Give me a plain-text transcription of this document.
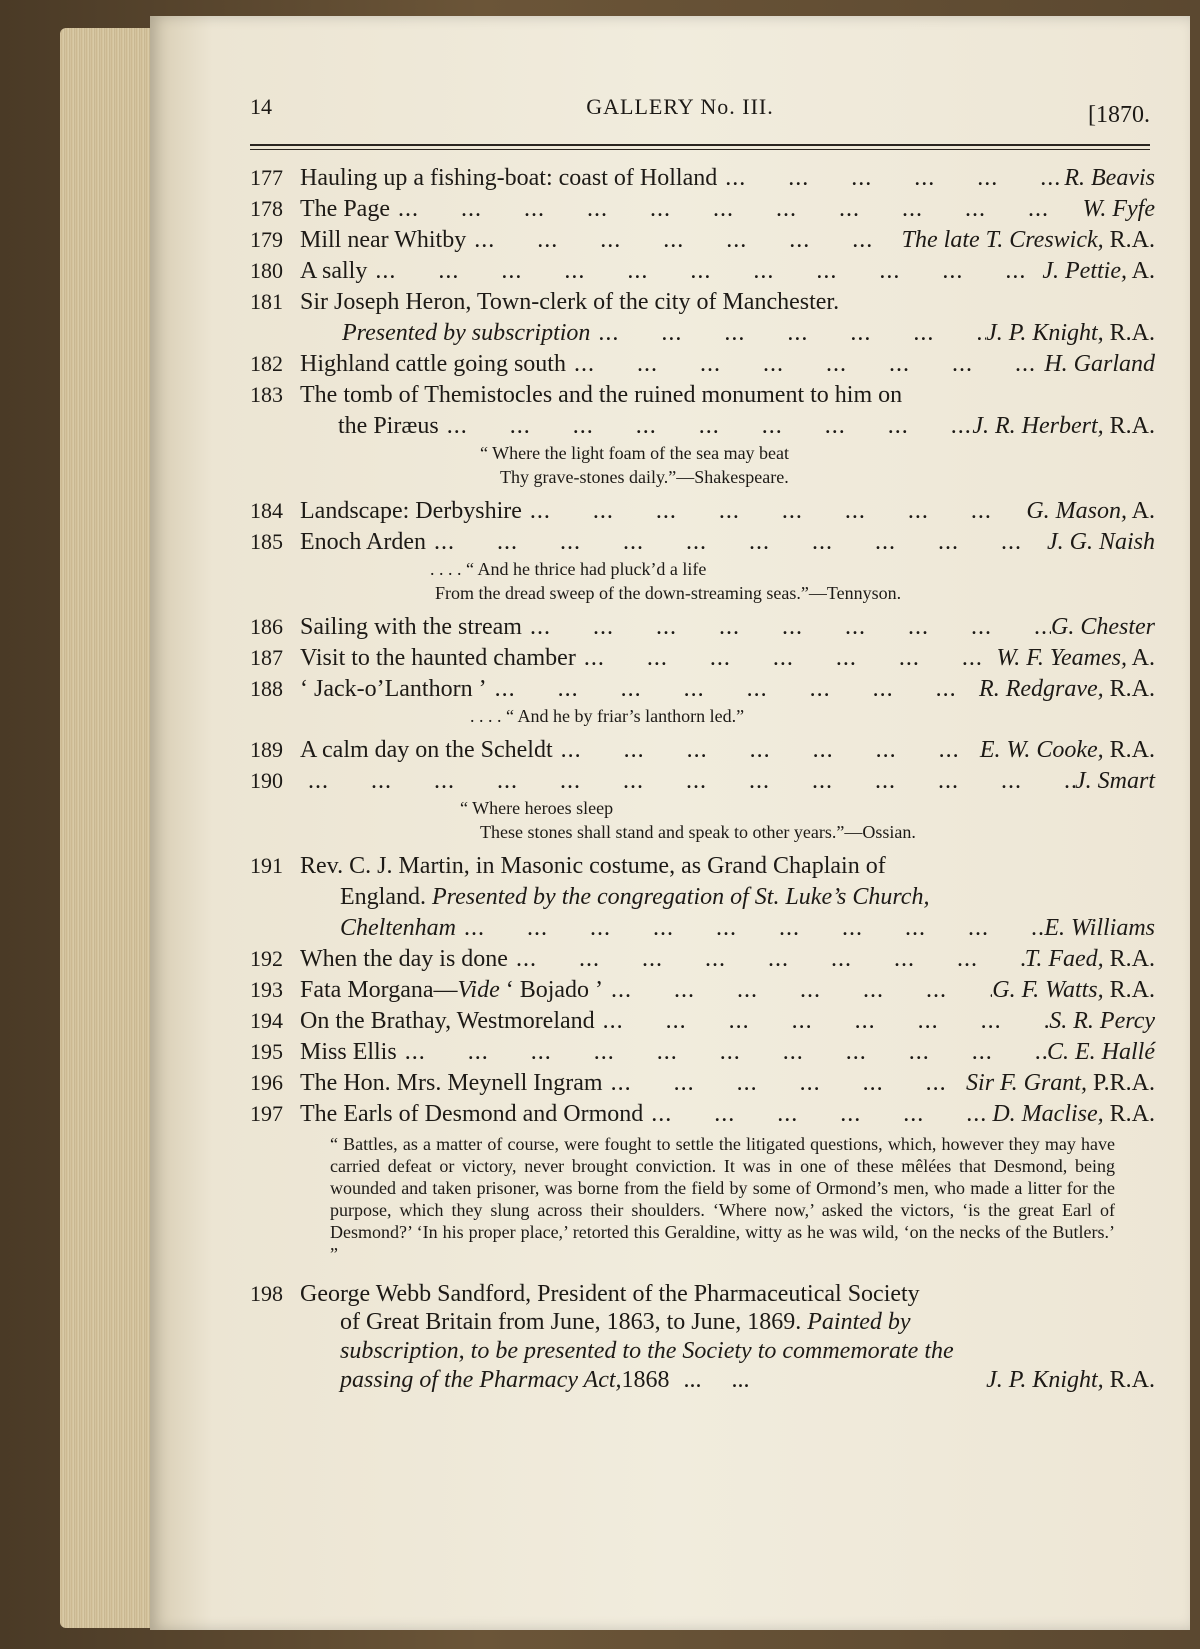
14	GALLERY No. III.	[1870.
177 Hauling up a fishing-boat: coast of Holland ...	R. Beavis
178 The Page ...	W. Fyfe
179 Mill near Whitby ...	The late T. Creswick, R.A.
180 A sally ...	J. Pettie, A.
181 Sir Joseph Heron, Town-clerk of the city of Manchester.
Presented by subscription ...	J. P. Knight, R.A.
182 Highland cattle going south ...	H. Garland
183 The tomb of Themistocles and the ruined monument to him on
the Piræus ...	J. R. Herbert, R.A.
“ Where the light foam of the sea may beat
Thy grave-stones daily.”—Shakespeare.
184 Landscape: Derbyshire ...	G. Mason, A.
185 Enoch Arden ...	J. G. Naish
. . . . “ And he thrice had pluck’d a life
From the dread sweep of the down-streaming seas.”—Tennyson.
186 Sailing with the stream ...	G. Chester
187 Visit to the haunted chamber ...	W. F. Yeames, A.
188 ‘ Jack-o’Lanthorn ’ ...	R. Redgrave, R.A.
. . . . “ And he by friar’s lanthorn led.”
189 A calm day on the Scheldt ...	E. W. Cooke, R.A.
190 ...	J. Smart
“ Where heroes sleep
These stones shall stand and speak to other years.”—Ossian.
191 Rev. C. J. Martin, in Masonic costume, as Grand Chaplain of
England. Presented by the congregation of St. Luke’s Church,
Cheltenham ...	E. Williams
192 When the day is done ...	T. Faed, R.A.
193 Fata Morgana—Vide ‘ Bojado ’ ...	G. F. Watts, R.A.
194 On the Brathay, Westmoreland ...	S. R. Percy
195 Miss Ellis ...	C. E. Hallé
196 The Hon. Mrs. Meynell Ingram ...	Sir F. Grant, P.R.A.
197 The Earls of Desmond and Ormond ...	D. Maclise, R.A.
“ Battles, as a matter of course, were fought to settle the litigated questions, which, however they may have carried defeat or victory, never brought conviction. It was in one of these mêlées that Desmond, being wounded and taken prisoner, was borne from the field by some of Ormond’s men, who made a litter for the purpose, which they slung across their shoulders. ‘Where now,’ asked the victors, ‘is the great Earl of Desmond?’ ‘In his proper place,’ retorted this Geraldine, witty as he was wild, ‘on the necks of the Butlers.’ ”
198 George Webb Sandford, President of the Pharmaceutical Society
of Great Britain from June, 1863, to June, 1869. Painted by
subscription, to be presented to the Society to commemorate the
passing of the Pharmacy Act, 1868 ...     ...	J. P. Knight, R.A.
